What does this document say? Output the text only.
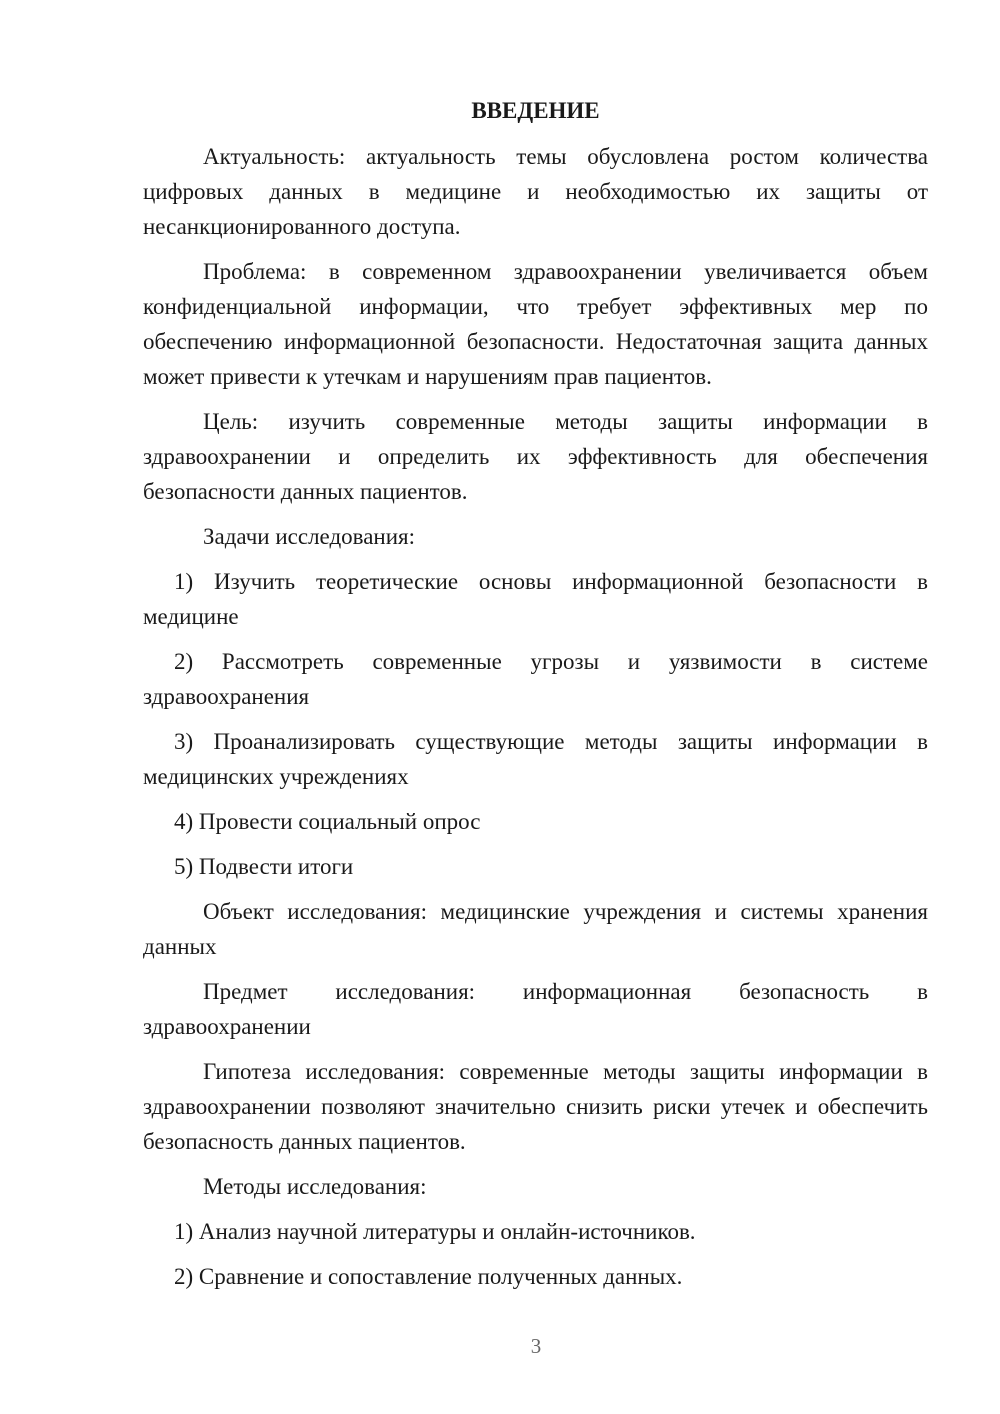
ВВЕДЕНИЕ

Актуальность: актуальность темы обусловлена ростом количества цифровых данных в медицине и необходимостью их защиты от несанкционированного доступа.

Проблема: в современном здравоохранении увеличивается объем конфиденциальной информации, что требует эффективных мер по обеспечению информационной безопасности. Недостаточная защита данных может привести к утечкам и нарушениям прав пациентов.

Цель: изучить современные методы защиты информации в здравоохранении и определить их эффективность для обеспечения безопасности данных пациентов.

Задачи исследования:

1) Изучить теоретические основы информационной безопасности в медицине

2) Рассмотреть современные угрозы и уязвимости в системе здравоохранения

3) Проанализировать существующие методы защиты информации в медицинских учреждениях

4) Провести социальный опрос

5) Подвести итоги

Объект исследования: медицинские учреждения и системы хранения данных

Предмет исследования: информационная безопасность в здравоохранении

Гипотеза исследования: современные методы защиты информации в здравоохранении позволяют значительно снизить риски утечек и обеспечить безопасность данных пациентов.

Методы исследования:

1) Анализ научной литературы и онлайн-источников.

2) Сравнение и сопоставление полученных данных.

3
